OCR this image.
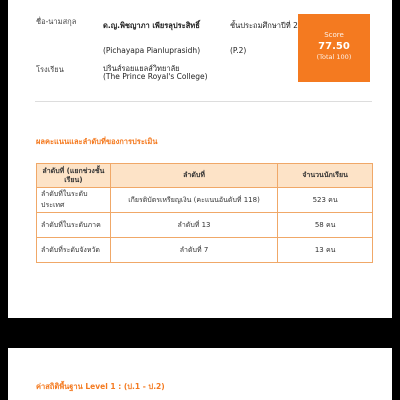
ชื่อ-นามสกุล	ด.ญ.พิชญาภา เพียรลุประสิทธิ์	ชั้นประถมศึกษาปีที่ 2
(Pichayapa Pianluprasidh)	(P.2)
โรงเรียน	ปรินส์รอยแยลส์วิทยาลัย
(The Prince Royal's College)
Score
77.50
(Total 100)
ผลคะแนนและลำดับที่ของการประเมิน
ลำดับที่ (แยกช่วงชั้นเรียน)	ลำดับที่	จำนวนนักเรียน
ลำดับที่ในระดับประเทศ	เกียรติบัตรเหรียญเงิน (คะแนนอันดับที่ 118)	523 คน
ลำดับที่ในระดับภาค	ลำดับที่ 13	58 คน
ลำดับที่ระดับจังหวัด	ลำดับที่ 7	13 คน
ค่าสถิติพื้นฐาน Level 1 : (ป.1 - ป.2)
